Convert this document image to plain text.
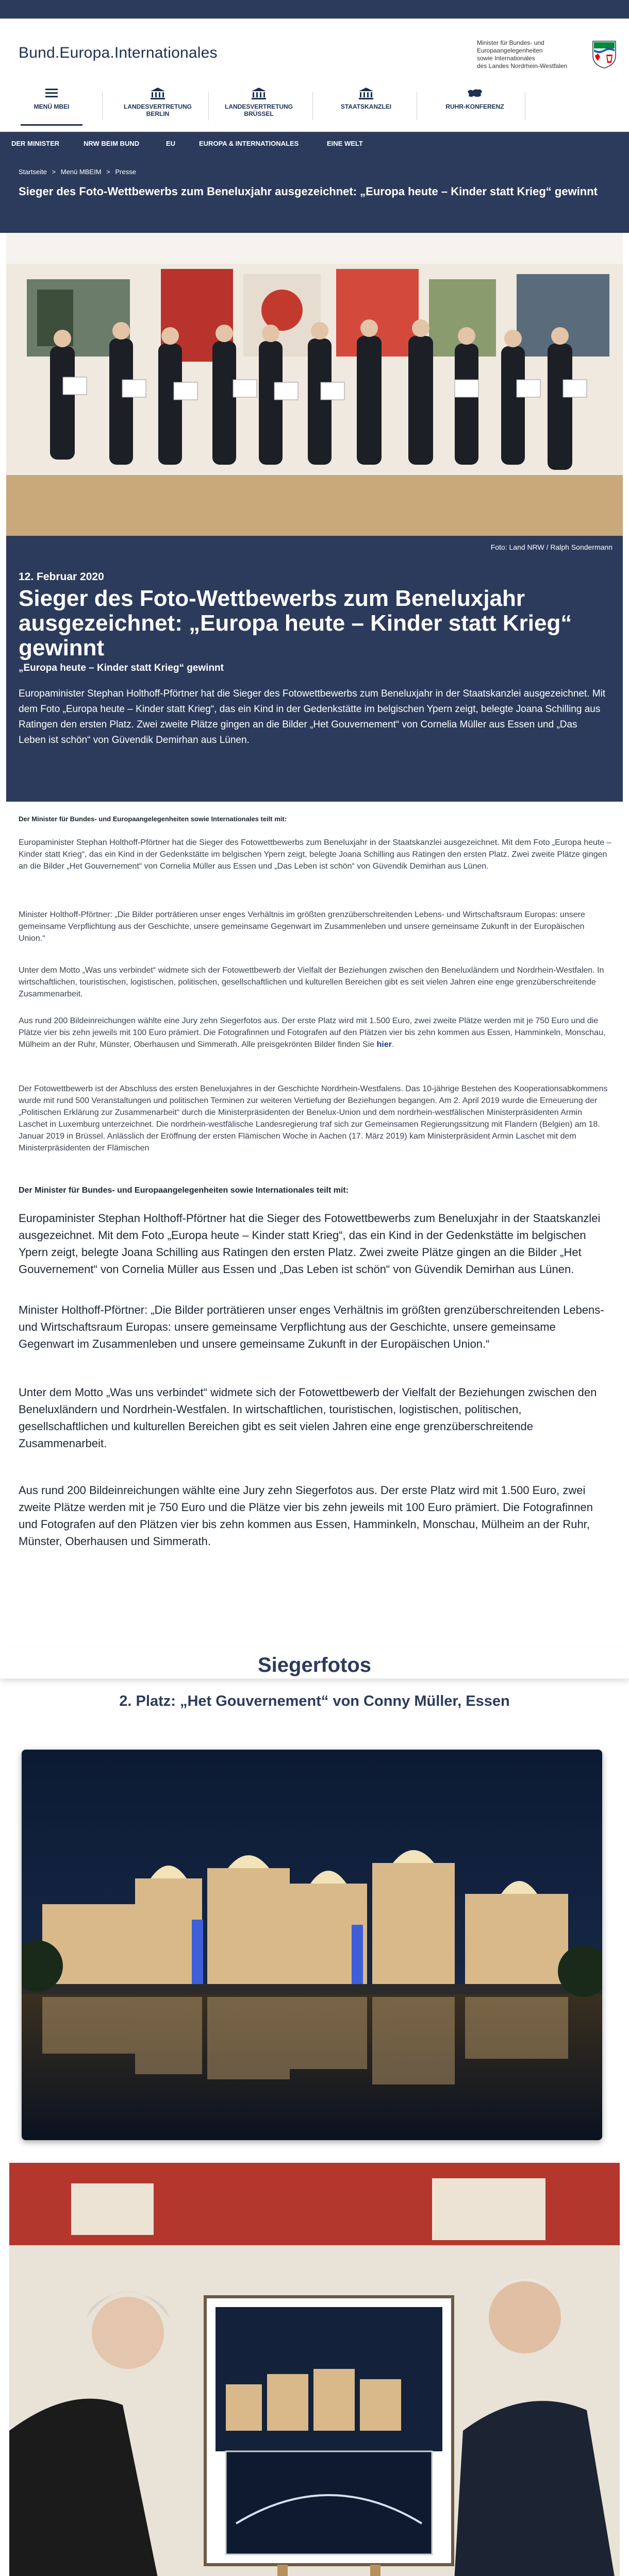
Bund.Europa.Internationales
Minister für Bundes- und Europaangelegenheiten
sowie Internationales
des Landes Nordrhein-Westfalen
MENÜ MBEI	LANDESVERTRETUNG BERLIN
LANDESVERTRETUNG BRÜSSEL
STAATSKANZLEI	RUHR-KONFERENZ
DER MINISTER	NRW BEIM BUND	EU	EUROPA & INTERNATIONALES	EINE WELT
Startseite > Menü MBEIM > Presse
Sieger des Foto-Wettbewerbs zum Beneluxjahr ausgezeichnet: „Europa heute – Kinder statt Krieg“ gewinnt
Foto: Land NRW / Ralph Sondermann
12. Februar 2020
Sieger des Foto-Wettbewerbs zum Beneluxjahr ausgezeichnet: „Europa heute – Kinder statt Krieg“ gewinnt
„Europa heute – Kinder statt Krieg“ gewinnt
Europaminister Stephan Holthoff-Pförtner hat die Sieger des Fotowettbewerbs zum Beneluxjahr in der Staatskanzlei ausgezeichnet. Mit dem Foto „Europa heute – Kinder statt Krieg“, das ein Kind in der Gedenkstätte im belgischen Ypern zeigt, belegte Joana Schilling aus Ratingen den ersten Platz. Zwei zweite Plätze gingen an die Bilder „Het Gouvernement“ von Cornelia Müller aus Essen und „Das Leben ist schön“ von Güvendik Demirhan aus Lünen.
Der Minister für Bundes- und Europaangelegenheiten sowie Internationales teilt mit:
Europaminister Stephan Holthoff-Pförtner hat die Sieger des Fotowettbewerbs zum Beneluxjahr in der Staatskanzlei ausgezeichnet. Mit dem Foto „Europa heute – Kinder statt Krieg“, das ein Kind in der Gedenkstätte im belgischen Ypern zeigt, belegte Joana Schilling aus Ratingen den ersten Platz. Zwei zweite Plätze gingen an die Bilder „Het Gouvernement“ von Cornelia Müller aus Essen und „Das Leben ist schön“ von Güvendik Demirhan aus Lünen.
Minister Holthoff-Pförtner: „Die Bilder porträtieren unser enges Verhältnis im größten grenzüberschreitenden Lebens- und Wirtschaftsraum Europas: unsere gemeinsame Verpflichtung aus der Geschichte, unsere gemeinsame Gegenwart im Zusammenleben und unsere gemeinsame Zukunft in der Europäischen Union.“
Unter dem Motto „Was uns verbindet“ widmete sich der Fotowettbewerb der Vielfalt der Beziehungen zwischen den Beneluxländern und Nordrhein-Westfalen. In wirtschaftlichen, touristischen, logistischen, politischen, gesellschaftlichen und kulturellen Bereichen gibt es seit vielen Jahren eine enge grenzüberschreitende Zusammenarbeit.
Aus rund 200 Bildeinreichungen wählte eine Jury zehn Siegerfotos aus. Der erste Platz wird mit 1.500 Euro, zwei zweite Plätze werden mit je 750 Euro und die Plätze vier bis zehn jeweils mit 100 Euro prämiert. Die Fotografinnen und Fotografen auf den Plätzen vier bis zehn kommen aus Essen, Hamminkeln, Monschau, Mülheim an der Ruhr, Münster, Oberhausen und Simmerath. Alle preisgekrönten Bilder finden Sie hier.
Der Fotowettbewerb ist der Abschluss des ersten Beneluxjahres in der Geschichte Nordrhein-Westfalens. Das 10-jährige Bestehen des Kooperationsabkommens wurde mit rund 500 Veranstaltungen und politischen Terminen zur weiteren Vertiefung der Beziehungen begangen. Am 2. April 2019 wurde die Erneuerung der „Politischen Erklärung zur Zusammenarbeit“ durch die Ministerpräsidenten der Benelux-Union und dem nordrhein-westfälischen Ministerpräsidenten Armin Laschet in Luxemburg unterzeichnet. Die nordrhein-westfälische Landesregierung traf sich zur Gemeinsamen Regierungssitzung mit Flandern (Belgien) am 18. Januar 2019 in Brüssel. Anlässlich der Eröffnung der ersten Flämischen Woche in Aachen (17. März 2019) kam Ministerpräsident Armin Laschet mit dem Ministerpräsidenten der Flämischen
Der Minister für Bundes- und Europaangelegenheiten sowie Internationales teilt mit:
Europaminister Stephan Holthoff-Pförtner hat die Sieger des Fotowettbewerbs zum Beneluxjahr in der Staatskanzlei ausgezeichnet. Mit dem Foto „Europa heute – Kinder statt Krieg“, das ein Kind in der Gedenkstätte im belgischen Ypern zeigt, belegte Joana Schilling aus Ratingen den ersten Platz. Zwei zweite Plätze gingen an die Bilder „Het Gouvernement“ von Cornelia Müller aus Essen und „Das Leben ist schön“ von Güvendik Demirhan aus Lünen.
Minister Holthoff-Pförtner: „Die Bilder porträtieren unser enges Verhältnis im größten grenzüberschreitenden Lebens- und Wirtschaftsraum Europas: unsere gemeinsame Verpflichtung aus der Geschichte, unsere gemeinsame Gegenwart im Zusammenleben und unsere gemeinsame Zukunft in der Europäischen Union.“
Unter dem Motto „Was uns verbindet“ widmete sich der Fotowettbewerb der Vielfalt der Beziehungen zwischen den Beneluxländern und Nordrhein-Westfalen. In wirtschaftlichen, touristischen, logistischen, politischen, gesellschaftlichen und kulturellen Bereichen gibt es seit vielen Jahren eine enge grenzüberschreitende Zusammenarbeit.
Aus rund 200 Bildeinreichungen wählte eine Jury zehn Siegerfotos aus. Der erste Platz wird mit 1.500 Euro, zwei zweite Plätze werden mit je 750 Euro und die Plätze vier bis zehn jeweils mit 100 Euro prämiert. Die Fotografinnen und Fotografen auf den Plätzen vier bis zehn kommen aus Essen, Hamminkeln, Monschau, Mülheim an der Ruhr, Münster, Oberhausen und Simmerath.
Siegerfotos
2. Platz: „Het Gouvernement“ von Conny Müller, Essen
